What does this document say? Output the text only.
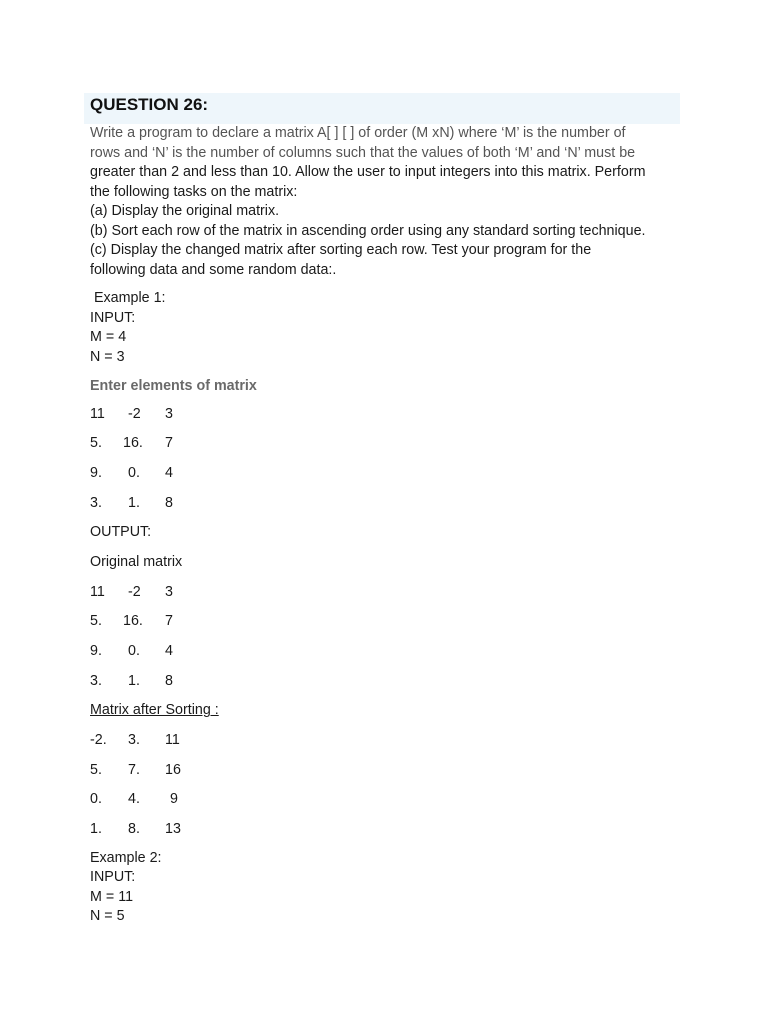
QUESTION 26:

Write a program to declare a matrix A[ ] [ ] of order (M xN) where ‘M’ is the number of
rows and ‘N’ is the number of columns such that the values of both ‘M’ and ‘N’ must be
greater than 2 and less than 10. Allow the user to input integers into this matrix. Perform
the following tasks on the matrix:
(a) Display the original matrix.
(b) Sort each row of the matrix in ascending order using any standard sorting technique.
(c) Display the changed matrix after sorting each row. Test your program for the
following data and some random data:.

Example 1:
INPUT:
M = 4
N = 3
Enter elements of matrix

11

-2

3

5.

16.

7

9.

0.

4

3.

1.

8

OUTPUT:
Original matrix

11

-2

3

5.

16.

7

9.

0.

4

3.

1.

8

Matrix after Sorting :

-2.

3.

11

5.

7.

16

0.

4.

9

1.

8.

13

Example 2:
INPUT:
M = 11
N = 5
